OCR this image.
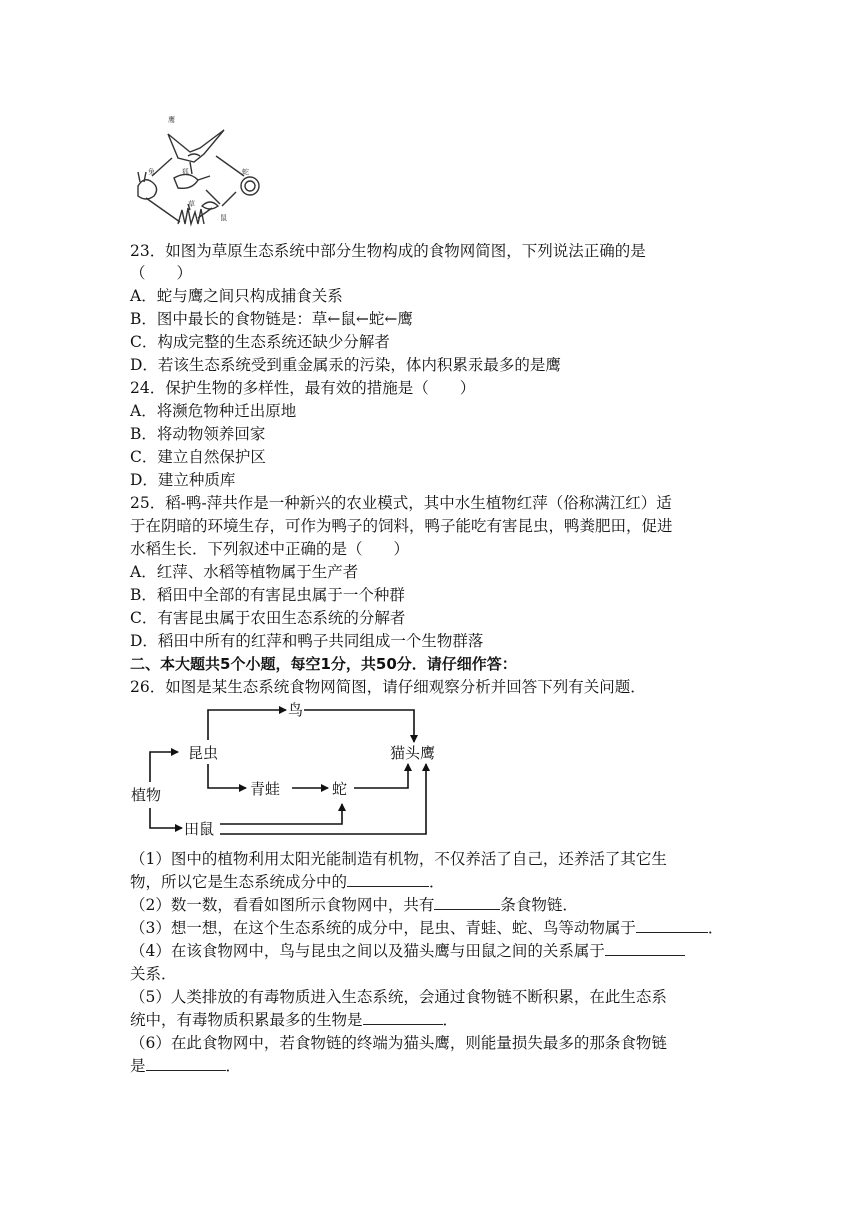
鹰
兔	狐
鼠
蛇
草
23．如图为草原生态系统中部分生物构成的食物网简图，下列说法正确的是
（　　）
A．蛇与鹰之间只构成捕食关系
B．图中最长的食物链是：草←鼠←蛇←鹰
C．构成完整的生态系统还缺少分解者
D．若该生态系统受到重金属汞的污染，体内积累汞最多的是鹰
24．保护生物的多样性，最有效的措施是（　　）
A．将濒危物种迁出原地
B．将动物领养回家
C．建立自然保护区
D．建立种质库
25．稻-鸭-萍共作是一种新兴的农业模式，其中水生植物红萍（俗称满江红）适
于在阴暗的环境生存，可作为鸭子的饲料，鸭子能吃有害昆虫，鸭粪肥田，促进
水稻生长．下列叙述中正确的是（　　）
A．红萍、水稻等植物属于生产者
B．稻田中全部的有害昆虫属于一个种群
C．有害昆虫属于农田生态系统的分解者
D．稻田中所有的红萍和鸭子共同组成一个生物群落
二、本大题共5个小题，每空1分，共50分．请仔细作答：
26．如图是某生态系统食物网简图，请仔细观察分析并回答下列有关问题．
植物
昆虫
鸟
青蛙	蛇
猫头鹰
田鼠
（1）图中的植物利用太阳光能制造有机物，不仅养活了自己，还养活了其它生
物，所以它是生态系统成分中的	．
（2）数一数，看看如图所示食物网中，共有	条食物链．
（3）想一想，在这个生态系统的成分中，昆虫、青蛙、蛇、鸟等动物属于	．
（4）在该食物网中，鸟与昆虫之间以及猫头鹰与田鼠之间的关系属于
关系．
（5）人类排放的有毒物质进入生态系统，会通过食物链不断积累，在此生态系
统中，有毒物质积累最多的生物是	．
（6）在此食物网中，若食物链的终端为猫头鹰，则能量损失最多的那条食物链
是	．
